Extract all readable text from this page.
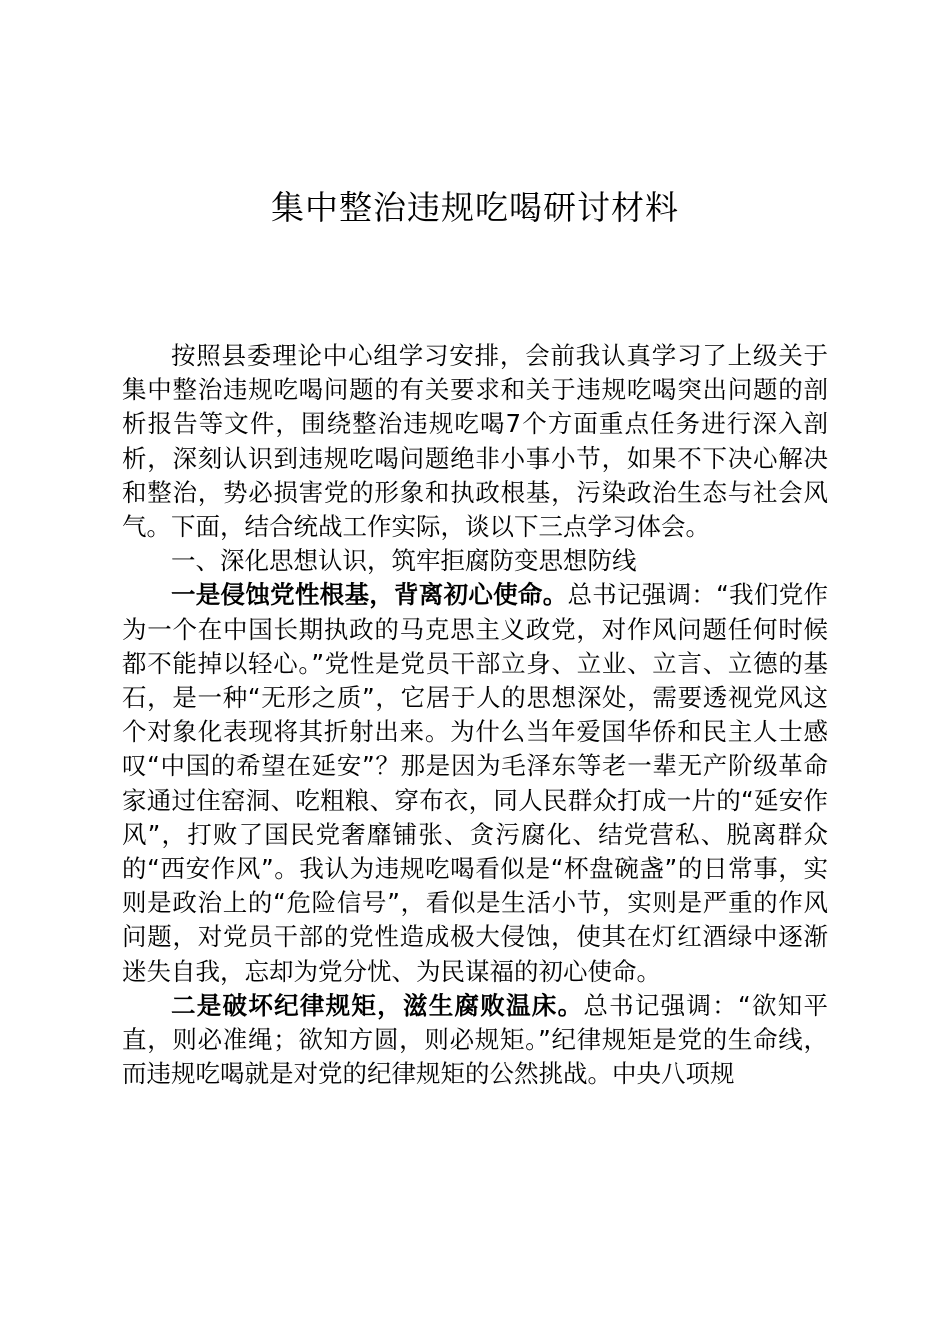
集中整治违规吃喝研讨材料

按照县委理论中心组学习安排，会前我认真学习了上级关于集中整治违规吃喝问题的有关要求和关于违规吃喝突出问题的剖析报告等文件，围绕整治违规吃喝7个方面重点任务进行深入剖析，深刻认识到违规吃喝问题绝非小事小节，如果不下决心解决和整治，势必损害党的形象和执政根基，污染政治生态与社会风气。下面，结合统战工作实际，谈以下三点学习体会。

一、深化思想认识，筑牢拒腐防变思想防线

一是侵蚀党性根基，背离初心使命。总书记强调：“我们党作为一个在中国长期执政的马克思主义政党，对作风问题任何时候都不能掉以轻心。”党性是党员干部立身、立业、立言、立德的基石，是一种“无形之质”，它居于人的思想深处，需要透视党风这个对象化表现将其折射出来。为什么当年爱国华侨和民主人士感叹“中国的希望在延安”？那是因为毛泽东等老一辈无产阶级革命家通过住窑洞、吃粗粮、穿布衣，同人民群众打成一片的“延安作风”，打败了国民党奢靡铺张、贪污腐化、结党营私、脱离群众的“西安作风”。我认为违规吃喝看似是“杯盘碗盏”的日常事，实则是政治上的“危险信号”，看似是生活小节，实则是严重的作风问题，对党员干部的党性造成极大侵蚀，使其在灯红酒绿中逐渐迷失自我，忘却为党分忧、为民谋福的初心使命。

二是破坏纪律规矩，滋生腐败温床。总书记强调：“欲知平直，则必准绳；欲知方圆，则必规矩。”纪律规矩是党的生命线，而违规吃喝就是对党的纪律规矩的公然挑战。中央八项规
